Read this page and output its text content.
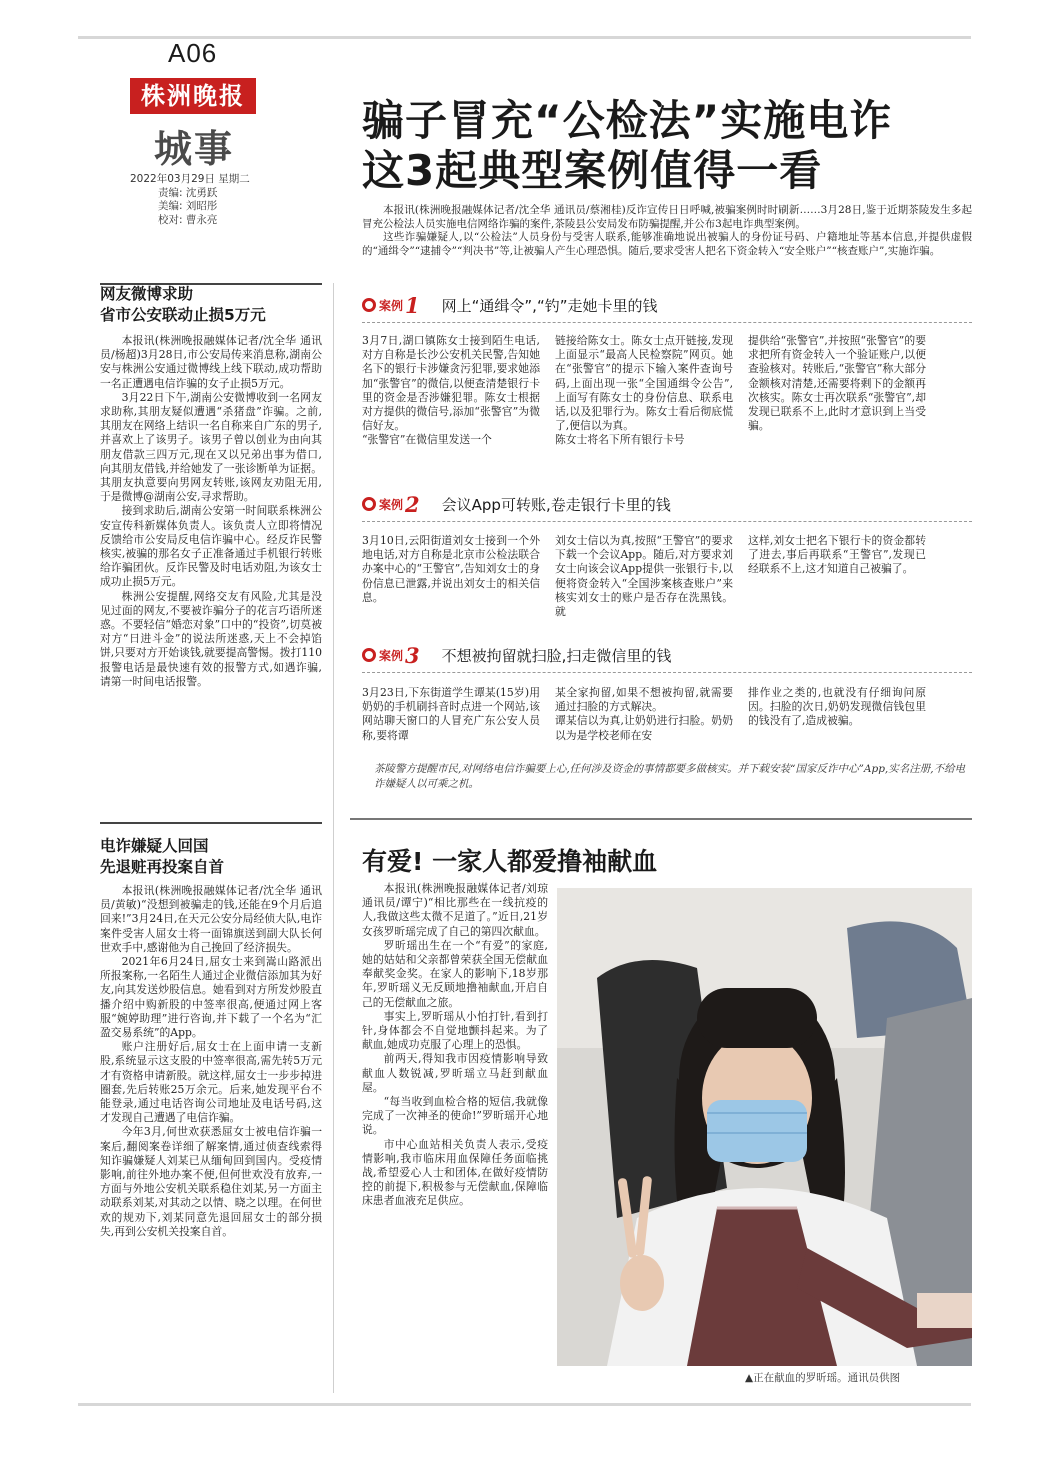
A06
株洲晚报
城事
2022年03月29日 星期二
责编: 沈勇跃
美编: 刘昭彤
校对: 曹永亮
骗子冒充“公检法”实施电诈
这3起典型案例值得一看

本报讯(株洲晚报融媒体记者/沈全华 通讯员/蔡湘桂)反诈宣传日日呼喊,被骗案例时时刷新……3月28日,鉴于近期茶陵发生多起冒充公检法人员实施电信网络诈骗的案件,茶陵县公安局发布防骗提醒,并公布3起电诈典型案例。

这些诈骗嫌疑人,以“公检法”人员身份与受害人联系,能够准确地说出被骗人的身份证号码、户籍地址等基本信息,并提供虚假的“通缉令”“逮捕令”“判决书”等,让被骗人产生心理恐惧。随后,要求受害人把名下资金转入“安全账户”“核查账户”,实施诈骗。

案例 1 网上“通缉令”,“钓”走她卡里的钱
3月7日,湖口镇陈女士接到陌生电话,对方自称是长沙公安机关民警,告知她名下的银行卡涉嫌贪污犯罪,要求她添加“张警官”的微信,以便查清楚银行卡里的资金是否涉嫌犯罪。陈女士根据对方提供的微信号,添加“张警官”为微信好友。
“张警官”在微信里发送一个
链接给陈女士。陈女士点开链接,发现上面显示“最高人民检察院”网页。她在“张警官”的提示下输入案件查询号码,上面出现一张“全国通缉令公告”,上面写有陈女士的身份信息、联系电话,以及犯罪行为。陈女士看后彻底慌了,便信以为真。
陈女士将名下所有银行卡号
提供给“张警官”,并按照“张警官”的要求把所有资金转入一个验证账户,以便查验核对。转账后,“张警官”称大部分金额核对清楚,还需要将剩下的金额再次核实。陈女士再次联系“张警官”,却发现已联系不上,此时才意识到上当受骗。
案例 2 会议App可转账,卷走银行卡里的钱
3月10日,云阳街道刘女士接到一个外地电话,对方自称是北京市公检法联合办案中心的“王警官”,告知刘女士的身份信息已泄露,并说出刘女士的相关信息。
刘女士信以为真,按照“王警官”的要求下载一个会议App。随后,对方要求刘女士向该会议App提供一张银行卡,以便将资金转入“全国涉案核查账户”来核实刘女士的账户是否存在洗黑钱。就
这样,刘女士把名下银行卡的资金都转了进去,事后再联系“王警官”,发现已经联系不上,这才知道自己被骗了。
案例 3 不想被拘留就扫脸,扫走微信里的钱
3月23日,下东街道学生谭某(15岁)用奶奶的手机刷抖音时点进一个网站,该网站聊天窗口的人冒充广东公安人员称,要将谭
某全家拘留,如果不想被拘留,就需要通过扫脸的方式解决。
谭某信以为真,让奶奶进行扫脸。奶奶以为是学校老师在安
排作业之类的,也就没有仔细询问原因。扫脸的次日,奶奶发现微信钱包里的钱没有了,造成被骗。
茶陵警方提醒市民,对网络电信诈骗要上心,任何涉及资金的事情都要多做核实。并下载安装“国家反诈中心”App,实名注册,不给电诈嫌疑人以可乘之机。
网友微博求助
省市公安联动止损5万元

本报讯(株洲晚报融媒体记者/沈全华 通讯员/杨超)3月28日,市公安局传来消息称,湖南公安与株洲公安通过微博线上线下联动,成功帮助一名正遭遇电信诈骗的女子止损5万元。

3月22日下午,湖南公安微博收到一名网友求助称,其朋友疑似遭遇“杀猪盘”诈骗。之前,其朋友在网络上结识一名自称来自广东的男子,并喜欢上了该男子。该男子曾以创业为由向其朋友借款三四万元,现在又以兄弟出事为借口,向其朋友借钱,并给她发了一张诊断单为证据。其朋友执意要向男网友转账,该网友劝阻无用,于是微博@湖南公安,寻求帮助。

接到求助后,湖南公安第一时间联系株洲公安宣传科新媒体负责人。该负责人立即将情况反馈给市公安局反电信诈骗中心。经反诈民警核实,被骗的那名女子正准备通过手机银行转账给诈骗团伙。反诈民警及时电话劝阻,为该女士成功止损5万元。

株洲公安提醒,网络交友有风险,尤其是没见过面的网友,不要被诈骗分子的花言巧语所迷惑。不要轻信“婚恋对象”口中的“投资”,切莫被对方“日进斗金”的说法所迷惑,天上不会掉馅饼,只要对方开始谈钱,就要提高警惕。拨打110报警电话是最快速有效的报警方式,如遇诈骗,请第一时间电话报警。

电诈嫌疑人回国
先退赃再投案自首

本报讯(株洲晚报融媒体记者/沈全华 通讯员/黄敏)“没想到被骗走的钱,还能在9个月后追回来!”3月24日,在天元公安分局经侦大队,电诈案件受害人屈女士将一面锦旗送到副大队长何世欢手中,感谢他为自己挽回了经济损失。

2021年6月24日,屈女士来到嵩山路派出所报案称,一名陌生人通过企业微信添加其为好友,向其发送炒股信息。她看到对方所发炒股直播介绍中购新股的中签率很高,便通过网上客服“婉婷助理”进行咨询,并下载了一个名为“汇盈交易系统”的App。

账户注册好后,屈女士在上面申请一支新股,系统显示这支股的中签率很高,需先转5万元才有资格申请新股。就这样,屈女士一步步掉进圈套,先后转账25万余元。后来,她发现平台不能登录,通过电话咨询公司地址及电话号码,这才发现自己遭遇了电信诈骗。

今年3月,何世欢获悉屈女士被电信诈骗一案后,翻阅案卷详细了解案情,通过侦查线索得知诈骗嫌疑人刘某已从缅甸回到国内。受疫情影响,前往外地办案不便,但何世欢没有放弃,一方面与外地公安机关联系稳住刘某,另一方面主动联系刘某,对其动之以情、晓之以理。在何世欢的规劝下,刘某同意先退回屈女士的部分损失,再到公安机关投案自首。

有爱! 一家人都爱撸袖献血

本报讯(株洲晚报融媒体记者/刘琼 通讯员/谭宁)“相比那些在一线抗疫的人,我做这些太微不足道了。”近日,21岁女孩罗昕瑶完成了自己的第四次献血。

罗昕瑶出生在一个“有爱”的家庭,她的姑姑和父亲都曾荣获全国无偿献血奉献奖金奖。在家人的影响下,18岁那年,罗昕瑶义无反顾地撸袖献血,开启自己的无偿献血之旅。

事实上,罗昕瑶从小怕打针,看到打针,身体都会不自觉地颤抖起来。为了献血,她成功克服了心理上的恐惧。

前两天,得知我市因疫情影响导致献血人数锐减,罗昕瑶立马赶到献血屋。

“每当收到血检合格的短信,我就像完成了一次神圣的使命!”罗昕瑶开心地说。

市中心血站相关负责人表示,受疫情影响,我市临床用血保障任务面临挑战,希望爱心人士和团体,在做好疫情防控的前提下,积极参与无偿献血,保障临床患者血液充足供应。

▲正在献血的罗昕瑶。通讯员供图
